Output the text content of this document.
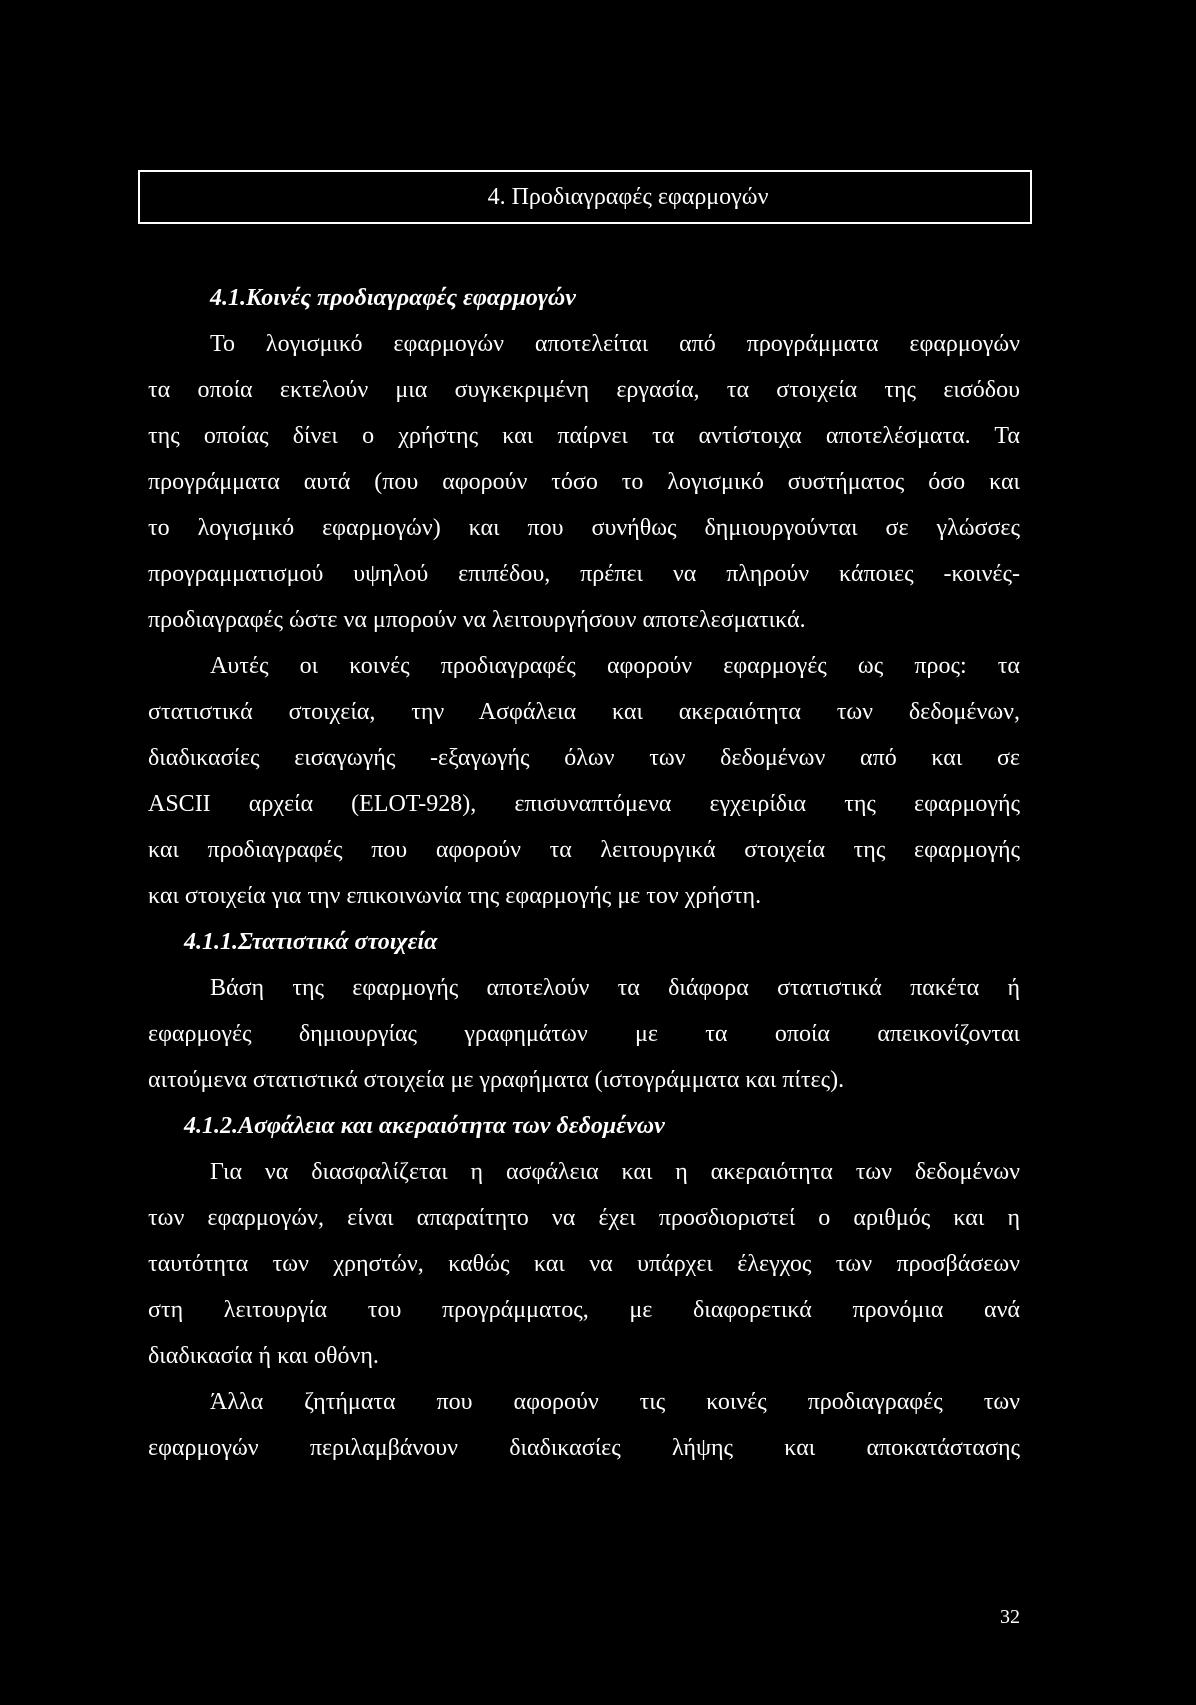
4. Προδιαγραφές εφαρμογών
4.1.Κοινές προδιαγραφές εφαρμογών
Το λογισμικό εφαρμογών αποτελείται από προγράμματα εφαρμογών
τα οποία εκτελούν μια συγκεκριμένη εργασία, τα στοιχεία της εισόδου
της οποίας δίνει ο χρήστης και παίρνει τα αντίστοιχα αποτελέσματα. Τα
προγράμματα αυτά (που αφορούν τόσο το λογισμικό συστήματος όσο και
το λογισμικό εφαρμογών) και που συνήθως δημιουργούνται σε γλώσσες
προγραμματισμού υψηλού επιπέδου, πρέπει να πληρούν κάποιες -κοινές-
προδιαγραφές ώστε να μπορούν να λειτουργήσουν αποτελεσματικά.
Αυτές οι κοινές προδιαγραφές αφορούν εφαρμογές ως προς: τα
στατιστικά στοιχεία, την Ασφάλεια και ακεραιότητα των δεδομένων,
διαδικασίες εισαγωγής -εξαγωγής όλων των δεδομένων από και σε
ASCII αρχεία (ELOT-928), επισυναπτόμενα εγχειρίδια της εφαρμογής
και προδιαγραφές που αφορούν τα λειτουργικά στοιχεία της εφαρμογής
και στοιχεία για την επικοινωνία της εφαρμογής με τον χρήστη.
4.1.1.Στατιστικά στοιχεία
Βάση της εφαρμογής αποτελούν τα διάφορα στατιστικά πακέτα ή
εφαρμογές δημιουργίας γραφημάτων με τα οποία απεικονίζονται
αιτούμενα στατιστικά στοιχεία με γραφήματα (ιστογράμματα και πίτες).
4.1.2.Ασφάλεια και ακεραιότητα των δεδομένων
Για να διασφαλίζεται η ασφάλεια και η ακεραιότητα των δεδομένων
των εφαρμογών, είναι απαραίτητο να έχει προσδιοριστεί ο αριθμός και η
ταυτότητα των χρηστών, καθώς και να υπάρχει έλεγχος των προσβάσεων
στη λειτουργία του προγράμματος, με διαφορετικά προνόμια ανά
διαδικασία ή και οθόνη.
Άλλα ζητήματα που αφορούν τις κοινές προδιαγραφές των
εφαρμογών περιλαμβάνουν διαδικασίες λήψης και αποκατάστασης
32
